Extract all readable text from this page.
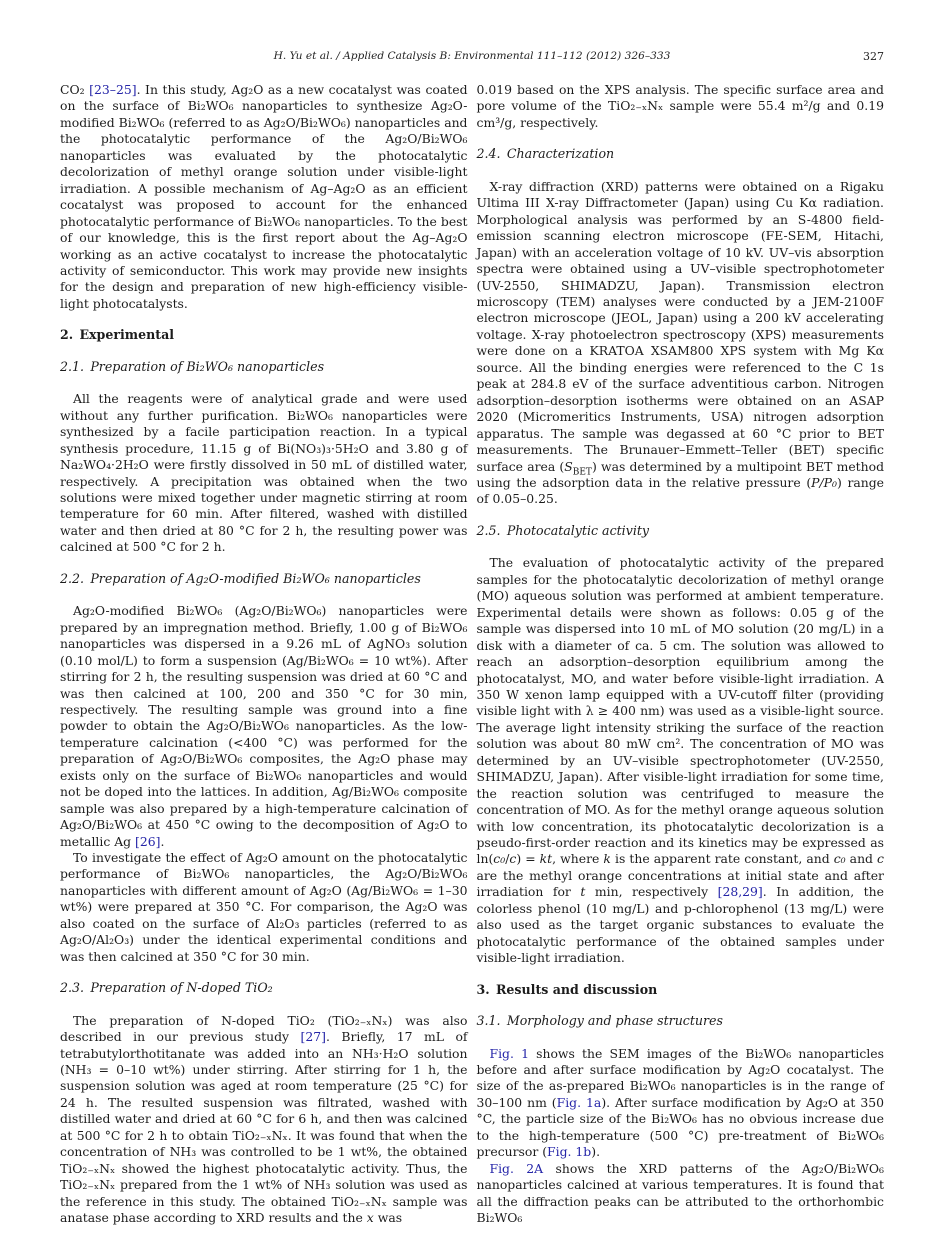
H. Yu et al. / Applied Catalysis B: Environmental 111–112 (2012) 326–333	327

CO₂ [23–25]. In this study, Ag₂O as a new cocatalyst was coated on the surface of Bi₂WO₆ nanoparticles to synthesize Ag₂O-modified Bi₂WO₆ (referred to as Ag₂O/Bi₂WO₆) nanoparticles and the photocatalytic performance of the Ag₂O/Bi₂WO₆ nanoparticles was evaluated by the photocatalytic decolorization of methyl orange solution under visible-light irradiation. A possible mechanism of Ag–Ag₂O as an efficient cocatalyst was proposed to account for the enhanced photocatalytic performance of Bi₂WO₆ nanoparticles. To the best of our knowledge, this is the first report about the Ag–Ag₂O working as an active cocatalyst to increase the photocatalytic activity of semiconductor. This work may provide new insights for the design and preparation of new high-efficiency visible-light photocatalysts.

2. Experimental
2.1. Preparation of Bi₂WO₆ nanoparticles

All the reagents were of analytical grade and were used without any further purification. Bi₂WO₆ nanoparticles were synthesized by a facile participation reaction. In a typical synthesis procedure, 11.15 g of Bi(NO₃)₃·5H₂O and 3.80 g of Na₂WO₄·2H₂O were firstly dissolved in 50 mL of distilled water, respectively. A precipitation was obtained when the two solutions were mixed together under magnetic stirring at room temperature for 60 min. After filtered, washed with distilled water and then dried at 80 °C for 2 h, the resulting power was calcined at 500 °C for 2 h.

2.2. Preparation of Ag₂O-modified Bi₂WO₆ nanoparticles

Ag₂O-modified Bi₂WO₆ (Ag₂O/Bi₂WO₆) nanoparticles were prepared by an impregnation method. Briefly, 1.00 g of Bi₂WO₆ nanoparticles was dispersed in a 9.26 mL of AgNO₃ solution (0.10 mol/L) to form a suspension (Ag/Bi₂WO₆ = 10 wt%). After stirring for 2 h, the resulting suspension was dried at 60 °C and was then calcined at 100, 200 and 350 °C for 30 min, respectively. The resulting sample was ground into a fine powder to obtain the Ag₂O/Bi₂WO₆ nanoparticles. As the low-temperature calcination (<400 °C) was performed for the preparation of Ag₂O/Bi₂WO₆ composites, the Ag₂O phase may exists only on the surface of Bi₂WO₆ nanoparticles and would not be doped into the lattices. In addition, Ag/Bi₂WO₆ composite sample was also prepared by a high-temperature calcination of Ag₂O/Bi₂WO₆ at 450 °C owing to the decomposition of Ag₂O to metallic Ag [26].

To investigate the effect of Ag₂O amount on the photocatalytic performance of Bi₂WO₆ nanoparticles, the Ag₂O/Bi₂WO₆ nanoparticles with different amount of Ag₂O (Ag/Bi₂WO₆ = 1–30 wt%) were prepared at 350 °C. For comparison, the Ag₂O was also coated on the surface of Al₂O₃ particles (referred to as Ag₂O/Al₂O₃) under the identical experimental conditions and was then calcined at 350 °C for 30 min.

2.3. Preparation of N-doped TiO₂

The preparation of N-doped TiO₂ (TiO₂₋ₓNₓ) was also described in our previous study [27]. Briefly, 17 mL of tetrabutylorthotitanate was added into an NH₃·H₂O solution (NH₃ = 0–10 wt%) under stirring. After stirring for 1 h, the suspension solution was aged at room temperature (25 °C) for 24 h. The resulted suspension was filtrated, washed with distilled water and dried at 60 °C for 6 h, and then was calcined at 500 °C for 2 h to obtain TiO₂₋ₓNₓ. It was found that when the concentration of NH₃ was controlled to be 1 wt%, the obtained TiO₂₋ₓNₓ showed the highest photocatalytic activity. Thus, the TiO₂₋ₓNₓ prepared from the 1 wt% of NH₃ solution was used as the reference in this study. The obtained TiO₂₋ₓNₓ sample was anatase phase according to XRD results and the x was

0.019 based on the XPS analysis. The specific surface area and pore volume of the TiO₂₋ₓNₓ sample were 55.4 m²/g and 0.19 cm³/g, respectively.

2.4. Characterization

X-ray diffraction (XRD) patterns were obtained on a Rigaku Ultima III X-ray Diffractometer (Japan) using Cu Kα radiation. Morphological analysis was performed by an S-4800 field-emission scanning electron microscope (FE-SEM, Hitachi, Japan) with an acceleration voltage of 10 kV. UV–vis absorption spectra were obtained using a UV–visible spectrophotometer (UV-2550, SHIMADZU, Japan). Transmission electron microscopy (TEM) analyses were conducted by a JEM-2100F electron microscope (JEOL, Japan) using a 200 kV accelerating voltage. X-ray photoelectron spectroscopy (XPS) measurements were done on a KRATOA XSAM800 XPS system with Mg Kα source. All the binding energies were referenced to the C 1s peak at 284.8 eV of the surface adventitious carbon. Nitrogen adsorption–desorption isotherms were obtained on an ASAP 2020 (Micromeritics Instruments, USA) nitrogen adsorption apparatus. The sample was degassed at 60 °C prior to BET measurements. The Brunauer–Emmett–Teller (BET) specific surface area $(S_{BET})$ was determined by a multipoint BET method using the adsorption data in the relative pressure (P/P₀) range of 0.05–0.25.

2.5. Photocatalytic activity

The evaluation of photocatalytic activity of the prepared samples for the photocatalytic decolorization of methyl orange (MO) aqueous solution was performed at ambient temperature. Experimental details were shown as follows: 0.05 g of the sample was dispersed into 10 mL of MO solution (20 mg/L) in a disk with a diameter of ca. 5 cm. The solution was allowed to reach an adsorption–desorption equilibrium among the photocatalyst, MO, and water before visible-light irradiation. A 350 W xenon lamp equipped with a UV-cutoff filter (providing visible light with λ ≥ 400 nm) was used as a visible-light source. The average light intensity striking the surface of the reaction solution was about 80 mW cm². The concentration of MO was determined by an UV–visible spectrophotometer (UV-2550, SHIMADZU, Japan). After visible-light irradiation for some time, the reaction solution was centrifuged to measure the concentration of MO. As for the methyl orange aqueous solution with low concentration, its photocatalytic decolorization is a pseudo-first-order reaction and its kinetics may be expressed as ln(c₀/c) = kt, where k is the apparent rate constant, and c₀ and c are the methyl orange concentrations at initial state and after irradiation for t min, respectively [28,29]. In addition, the colorless phenol (10 mg/L) and p-chlorophenol (13 mg/L) were also used as the target organic substances to evaluate the photocatalytic performance of the obtained samples under visible-light irradiation.

3. Results and discussion
3.1. Morphology and phase structures

Fig. 1 shows the SEM images of the Bi₂WO₆ nanoparticles before and after surface modification by Ag₂O cocatalyst. The size of the as-prepared Bi₂WO₆ nanoparticles is in the range of 30–100 nm (Fig. 1a). After surface modification by Ag₂O at 350 °C, the particle size of the Bi₂WO₆ has no obvious increase due to the high-temperature (500 °C) pre-treatment of Bi₂WO₆ precursor (Fig. 1b).

Fig. 2A shows the XRD patterns of the Ag₂O/Bi₂WO₆ nanoparticles calcined at various temperatures. It is found that all the diffraction peaks can be attributed to the orthorhombic Bi₂WO₆
